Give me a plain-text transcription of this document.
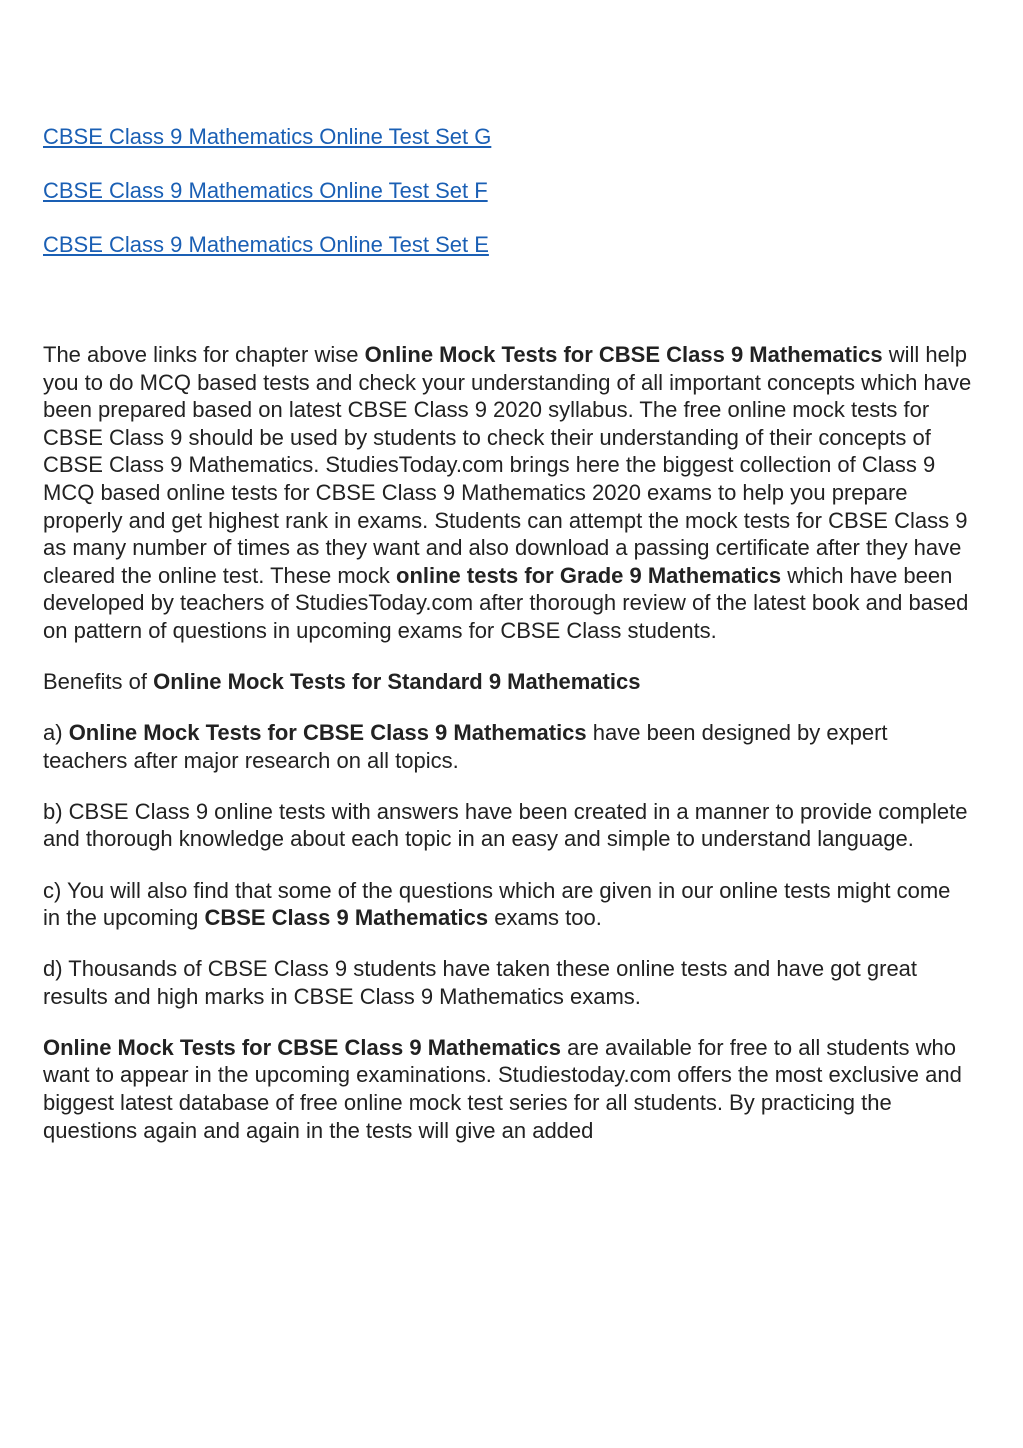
CBSE Class 9 Mathematics Online Test Set G
CBSE Class 9 Mathematics Online Test Set F
CBSE Class 9 Mathematics Online Test Set E

The above links for chapter wise Online Mock Tests for CBSE Class 9 Mathematics will help you to do MCQ based tests and check your understanding of all important concepts which have been prepared based on latest CBSE Class 9 2020 syllabus. The free online mock tests for CBSE Class 9 should be used by students to check their understanding of their concepts of CBSE Class 9 Mathematics. StudiesToday.com brings here the biggest collection of Class 9 MCQ based online tests for CBSE Class 9 Mathematics 2020 exams to help you prepare properly and get highest rank in exams. Students can attempt the mock tests for CBSE Class 9 as many number of times as they want and also download a passing certificate after they have cleared the online test. These mock online tests for Grade 9 Mathematics which have been developed by teachers of StudiesToday.com after thorough review of the latest book and based on pattern of questions in upcoming exams for CBSE Class students.

Benefits of Online Mock Tests for Standard 9 Mathematics

a) Online Mock Tests for CBSE Class 9 Mathematics have been designed by expert teachers after major research on all topics.

b) CBSE Class 9 online tests with answers have been created in a manner to provide complete and thorough knowledge about each topic in an easy and simple to understand language.

c) You will also find that some of the questions which are given in our online tests might come in the upcoming CBSE Class 9 Mathematics exams too.

d) Thousands of CBSE Class 9 students have taken these online tests and have got great results and high marks in CBSE Class 9 Mathematics exams.

Online Mock Tests for CBSE Class 9 Mathematics are available for free to all students who want to appear in the upcoming examinations. Studiestoday.com offers the most exclusive and biggest latest database of free online mock test series for all students. By practicing the questions again and again in the tests will give an added
